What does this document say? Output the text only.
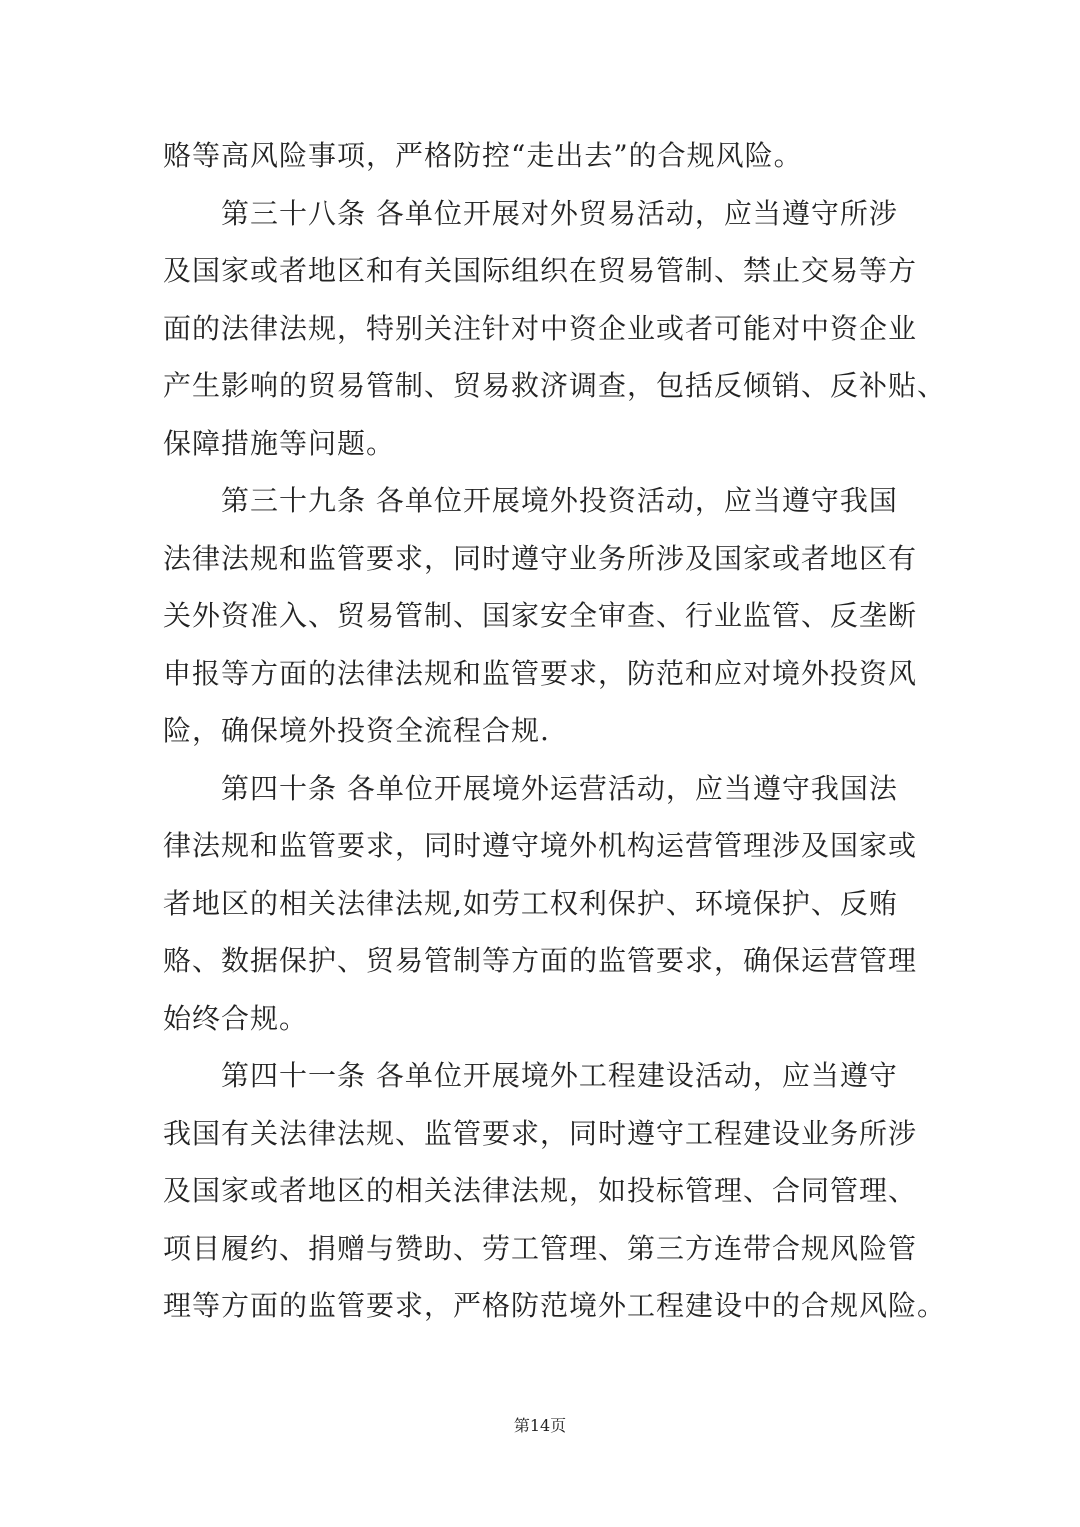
赂等高风险事项，严格防控“走出去”的合规风险。
第三十八条 各单位开展对外贸易活动，应当遵守所涉
及国家或者地区和有关国际组织在贸易管制、禁止交易等方
面的法律法规，特别关注针对中资企业或者可能对中资企业
产生影响的贸易管制、贸易救济调查，包括反倾销、反补贴、
保障措施等问题。
第三十九条 各单位开展境外投资活动，应当遵守我国
法律法规和监管要求，同时遵守业务所涉及国家或者地区有
关外资准入、贸易管制、国家安全审查、行业监管、反垄断
申报等方面的法律法规和监管要求，防范和应对境外投资风
险，确保境外投资全流程合规.
第四十条 各单位开展境外运营活动，应当遵守我国法
律法规和监管要求，同时遵守境外机构运营管理涉及国家或
者地区的相关法律法规,如劳工权利保护、环境保护、反贿
赂、数据保护、贸易管制等方面的监管要求，确保运营管理
始终合规。
第四十一条 各单位开展境外工程建设活动，应当遵守
我国有关法律法规、监管要求，同时遵守工程建设业务所涉
及国家或者地区的相关法律法规，如投标管理、合同管理、
项目履约、捐赠与赞助、劳工管理、第三方连带合规风险管
理等方面的监管要求，严格防范境外工程建设中的合规风险。
第14页
